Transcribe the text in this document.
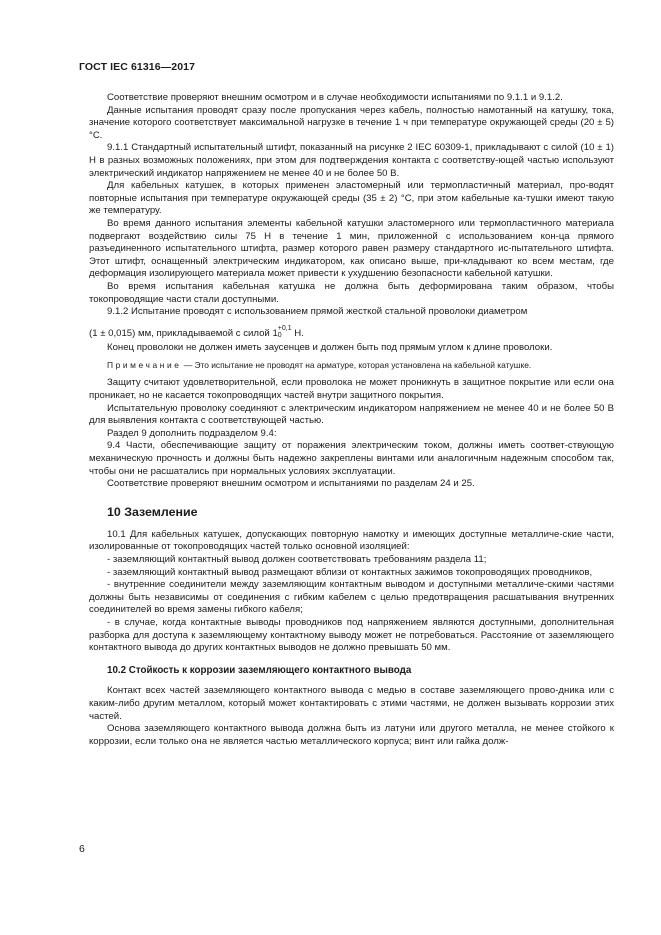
ГОСТ IEC 61316—2017

Соответствие проверяют внешним осмотром и в случае необходимости испытаниями по 9.1.1 и 9.1.2.

Данные испытания проводят сразу после пропускания через кабель, полностью намотанный на катушку, тока, значение которого соответствует максимальной нагрузке в течение 1 ч при температуре окружающей среды (20 ± 5) °С.

9.1.1 Стандартный испытательный штифт, показанный на рисунке 2 IEC 60309-1, прикладывают с силой (10 ± 1) Н в разных возможных положениях, при этом для подтверждения контакта с соответству-ющей частью используют электрический индикатор напряжением не менее 40 и не более 50 В.

Для кабельных катушек, в которых применен эластомерный или термопластичный материал, про-водят повторные испытания при температуре окружающей среды (35 ± 2) °С, при этом кабельные ка-тушки имеют такую же температуру.

Во время данного испытания элементы кабельной катушки эластомерного или термопластичного материала подвергают воздействию силы 75 Н в течение 1 мин, приложенной с использованием кон-ца прямого разъединенного испытательного штифта, размер которого равен размеру стандартного ис-пытательного штифта. Этот штифт, оснащенный электрическим индикатором, как описано выше, при-кладывают ко всем местам, где деформация изолирующего материала может привести к ухудшению безопасности кабельной катушки.

Во время испытания кабельная катушка не должна быть деформирована таким образом, чтобы токопроводящие части стали доступными.

9.1.2 Испытание проводят с использованием прямой жесткой стальной проволоки диаметром

(1 ± 0,015) мм, прикладываемой с силой 1 +0,1
0	Н.

Конец проволоки не должен иметь заусенцев и должен быть под прямым углом к длине проволоки.

Примечание — Это испытание не проводят на арматуре, которая установлена на кабельной катушке.

Защиту считают удовлетворительной, если проволока не может проникнуть в защитное покрытие или если она проникает, но не касается токопроводящих частей внутри защитного покрытия.

Испытательную проволоку соединяют с электрическим индикатором напряжением не менее 40 и не более 50 В для выявления контакта с соответствующей частью.

Раздел 9 дополнить подразделом 9.4:

9.4 Части, обеспечивающие защиту от поражения электрическим током, должны иметь соответ-ствующую механическую прочность и должны быть надежно закреплены винтами или аналогичным надежным способом так, чтобы они не расшатались при нормальных условиях эксплуатации.

Соответствие проверяют внешним осмотром и испытаниями по разделам 24 и 25.

10 Заземление

10.1 Для кабельных катушек, допускающих повторную намотку и имеющих доступные металличе-ские части, изолированные от токопроводящих частей только основной изоляцией:

- заземляющий контактный вывод должен соответствовать требованиям раздела 11;

- заземляющий контактный вывод размещают вблизи от контактных зажимов токопроводящих проводников,

- внутренние соединители между заземляющим контактным выводом и доступными металличе-скими частями должны быть независимы от соединения с гибким кабелем с целью предотвращения расшатывания внутренних соединителей во время замены гибкого кабеля;

- в случае, когда контактные выводы проводников под напряжением являются доступными, дополнительная разборка для доступа к заземляющему контактному выводу может не потребоваться. Расстояние от заземляющего контактного вывода до других контактных выводов не должно превышать 50 мм.

10.2 Стойкость к коррозии заземляющего контактного вывода

Контакт всех частей заземляющего контактного вывода с медью в составе заземляющего прово-дника или с каким-либо другим металлом, который может контактировать с этими частями, не должен вызывать коррозии этих частей.

Основа заземляющего контактного вывода должна быть из латуни или другого металла, не менее стойкого к коррозии, если только она не является частью металлического корпуса; винт или гайка долж-

6
